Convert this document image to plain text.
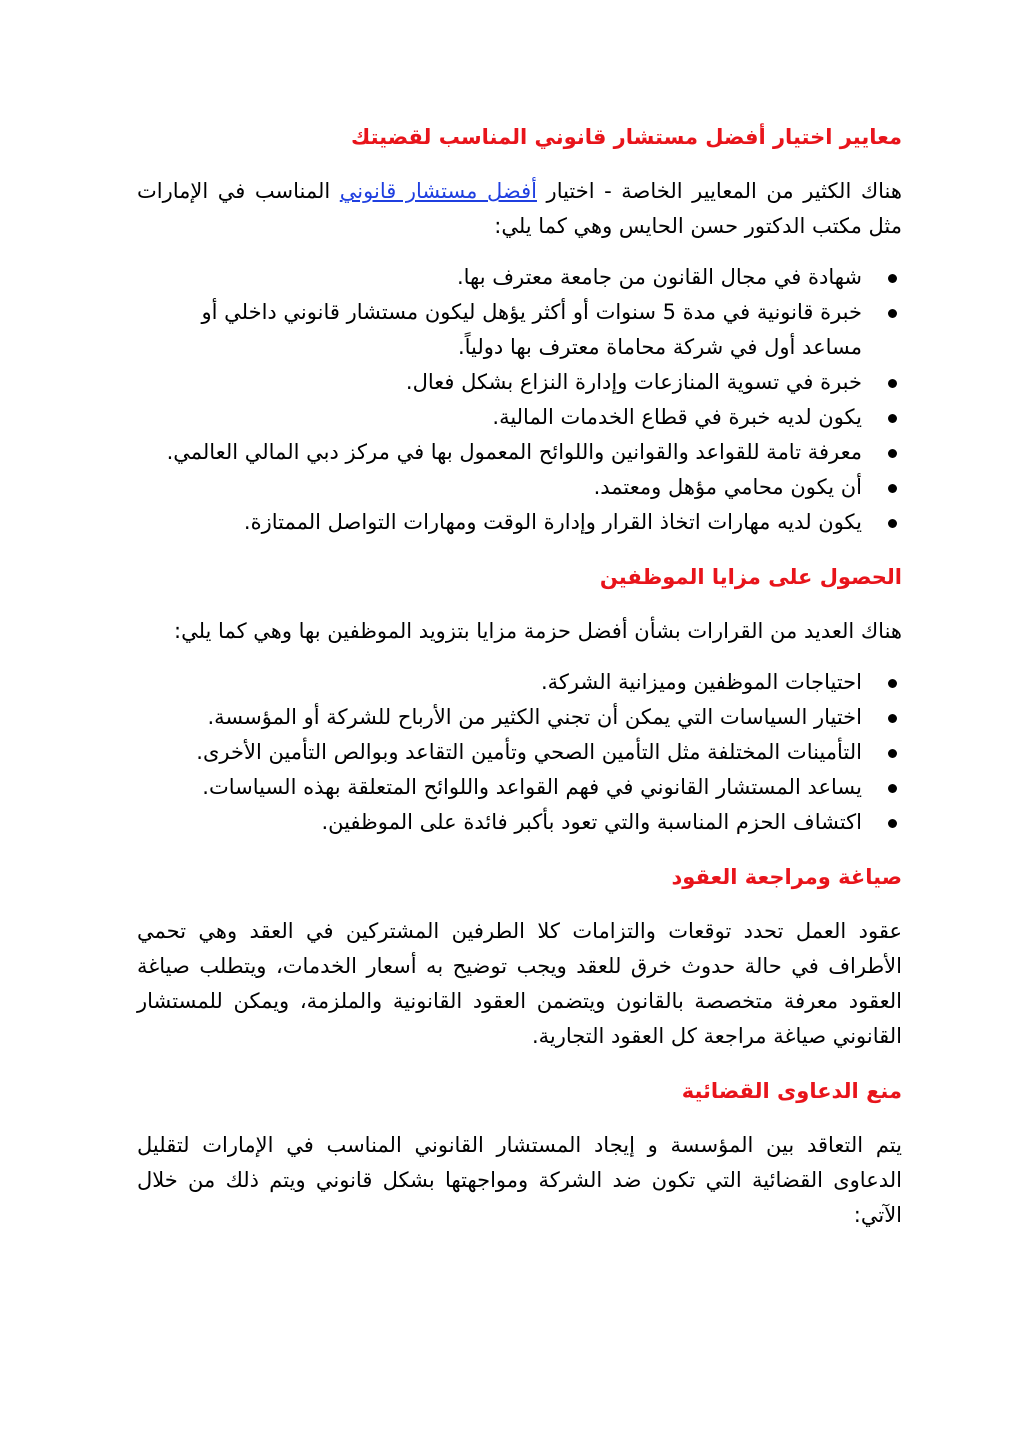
معايير اختيار أفضل مستشار قانوني المناسب لقضيتك

هناك الكثير من المعايير الخاصة - اختيار أفضل مستشار قانوني المناسب في الإمارات مثل مكتب الدكتور حسن الحايس وهي كما يلي:

شهادة في مجال القانون من جامعة معترف بها.
خبرة قانونية في مدة 5 سنوات أو أكثر يؤهل ليكون مستشار قانوني داخلي أو مساعد أول في شركة محاماة معترف بها دولياً.
خبرة في تسوية المنازعات وإدارة النزاع بشكل فعال.
يكون لديه خبرة في قطاع الخدمات المالية.
معرفة تامة للقواعد والقوانين واللوائح المعمول بها في مركز دبي المالي العالمي.
أن يكون محامي مؤهل ومعتمد.
يكون لديه مهارات اتخاذ القرار وإدارة الوقت ومهارات التواصل الممتازة.
الحصول على مزايا الموظفين

هناك العديد من القرارات بشأن أفضل حزمة مزايا بتزويد الموظفين بها وهي كما يلي:

احتياجات الموظفين وميزانية الشركة.
اختيار السياسات التي يمكن أن تجني الكثير من الأرباح للشركة أو المؤسسة.
التأمينات المختلفة مثل التأمين الصحي وتأمين التقاعد وبوالص التأمين الأخرى.
يساعد المستشار القانوني في فهم القواعد واللوائح المتعلقة بهذه السياسات.
اكتشاف الحزم المناسبة والتي تعود بأكبر فائدة على الموظفين.
صياغة ومراجعة العقود

عقود العمل تحدد توقعات والتزامات كلا الطرفين المشتركين في العقد وهي تحمي الأطراف في حالة حدوث خرق للعقد ويجب توضيح به أسعار الخدمات، ويتطلب صياغة العقود معرفة متخصصة بالقانون ويتضمن العقود القانونية والملزمة، ويمكن للمستشار القانوني صياغة مراجعة كل العقود التجارية.

منع الدعاوى القضائية

يتم التعاقد بين المؤسسة و إيجاد المستشار القانوني المناسب في الإمارات لتقليل الدعاوى القضائية التي تكون ضد الشركة ومواجهتها بشكل قانوني ويتم ذلك من خلال الآتي:
